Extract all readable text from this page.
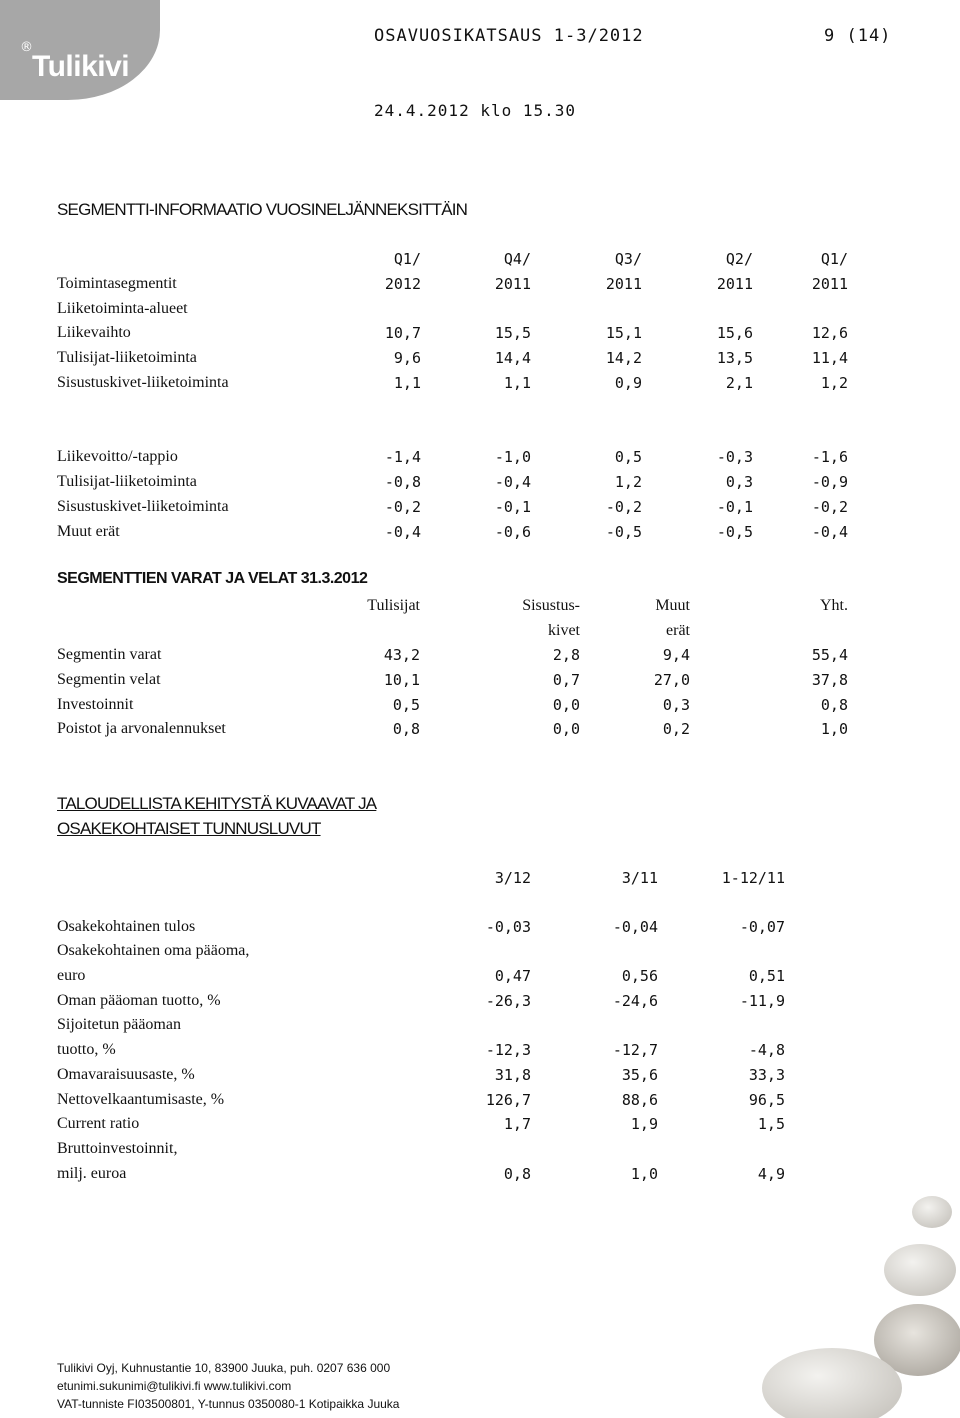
®
Tulikivi
OSAVUOSIKATSAUS 1-3/2012	9 (14)
24.4.2012 klo 15.30
SEGMENTTI-INFORMAATIO VUOSINELJÄNNEKSITTÄIN
Q1/	Q4/	Q3/	Q2/	Q1/
Toimintasegmentit	2012	2011	2011	2011	2011
Liiketoiminta-alueet
Liikevaihto	10,7	15,5	15,1	15,6	12,6
Tulisijat-liiketoiminta	9,6	14,4	14,2	13,5	11,4
Sisustuskivet-liiketoiminta	1,1	1,1	0,9	2,1	1,2
Liikevoitto/-tappio	-1,4	-1,0	0,5	-0,3	-1,6
Tulisijat-liiketoiminta	-0,8	-0,4	1,2	0,3	-0,9
Sisustuskivet-liiketoiminta	-0,2	-0,1	-0,2	-0,1	-0,2
Muut erät	-0,4	-0,6	-0,5	-0,5	-0,4
SEGMENTTIEN VARAT JA VELAT 31.3.2012
Tulisijat	Sisustus-	Muut	Yht.
kivet	erät
Segmentin varat	43,2	2,8	9,4	55,4
Segmentin velat	10,1	0,7	27,0	37,8
Investoinnit	0,5	0,0	0,3	0,8
Poistot ja arvonalennukset	0,8	0,0	0,2	1,0
TALOUDELLISTA KEHITYSTÄ KUVAAVAT JA
OSAKEKOHTAISET TUNNUSLUVUT
3/12	3/11	1-12/11
Osakekohtainen tulos	-0,03	-0,04	-0,07
Osakekohtainen oma pääoma,
euro	0,47	0,56	0,51
Oman pääoman tuotto, %	-26,3	-24,6	-11,9
Sijoitetun pääoman
tuotto, %	-12,3	-12,7	-4,8
Omavaraisuusaste, %	31,8	35,6	33,3
Nettovelkaantumisaste, %	126,7	88,6	96,5
Current ratio	1,7	1,9	1,5
Bruttoinvestoinnit,
milj. euroa	0,8	1,0	4,9
Tulikivi Oyj, Kuhnustantie 10, 83900 Juuka, puh. 0207 636 000
etunimi.sukunimi@tulikivi.fi www.tulikivi.com
VAT-tunniste FI03500801, Y-tunnus 0350080-1 Kotipaikka Juuka
